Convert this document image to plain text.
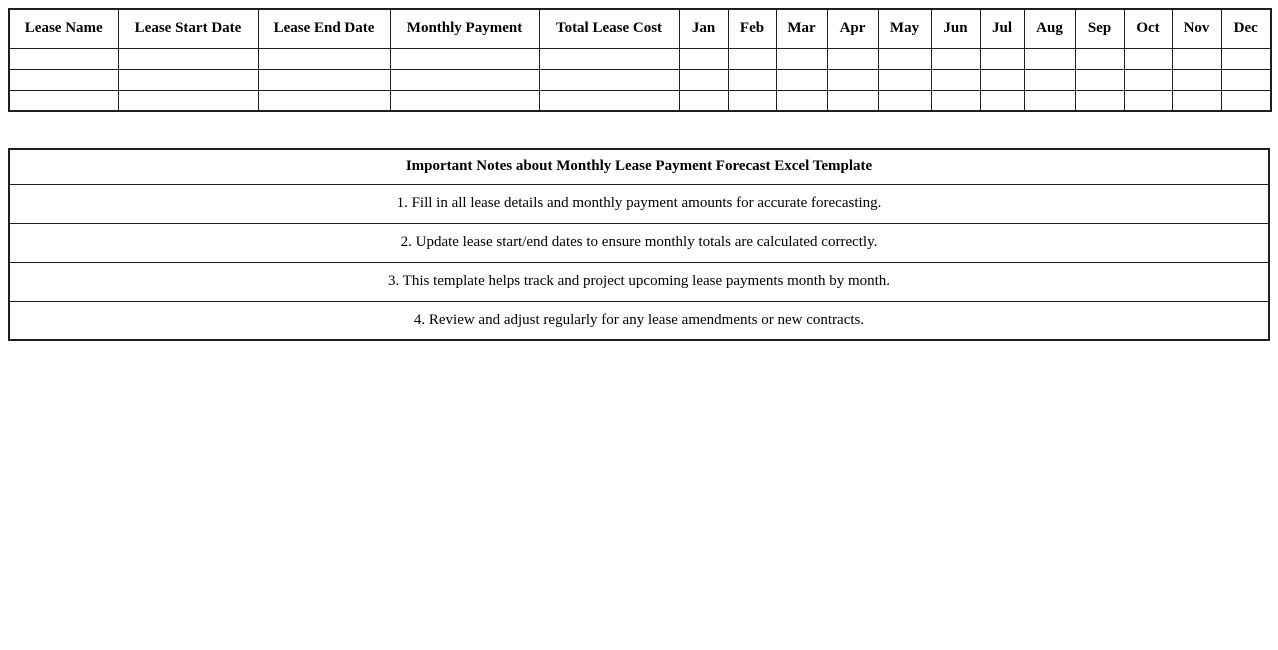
Lease Name	Lease Start Date	Lease End Date	Monthly Payment	Total Lease Cost	Jan	Feb	Mar	Apr	May	Jun	Jul	Aug	Sep	Oct	Nov	Dec

Important Notes about Monthly Lease Payment Forecast Excel Template
1. Fill in all lease details and monthly payment amounts for accurate forecasting.
2. Update lease start/end dates to ensure monthly totals are calculated correctly.
3. This template helps track and project upcoming lease payments month by month.
4. Review and adjust regularly for any lease amendments or new contracts.
